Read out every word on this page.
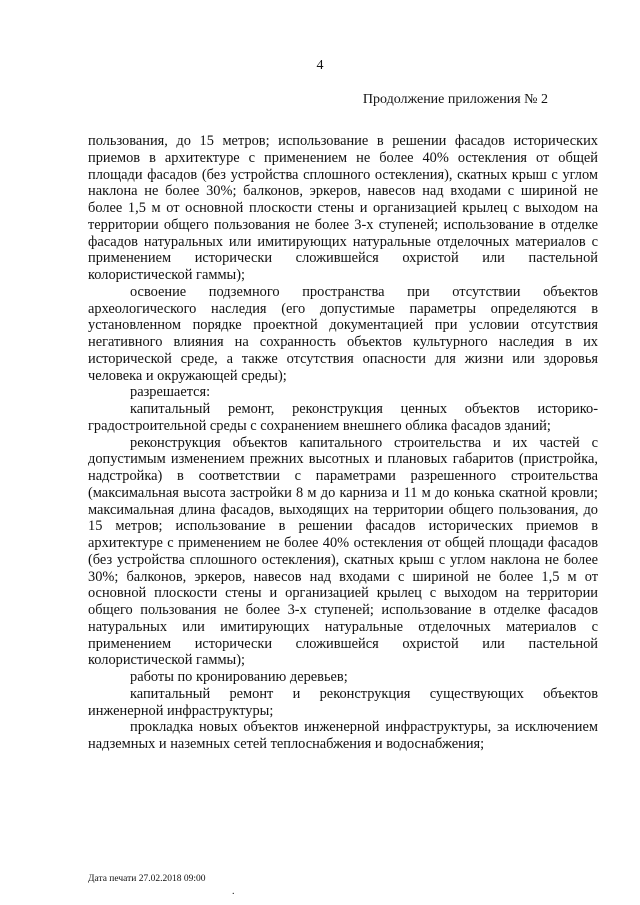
4
Продолжение приложения № 2

пользования, до 15 метров; использование в решении фасадов исторических приемов в архитектуре с применением не более 40% остекления от общей площади фасадов (без устройства сплошного остекления), скатных крыш с углом наклона не более 30%; балконов, эркеров, навесов над входами с шириной не более 1,5 м от основной плоскости стены и организацией крылец с выходом на территории общего пользования не более 3-х ступеней; использование в отделке фасадов натуральных или имитирующих натуральные отделочных материалов с применением исторически сложившейся охристой или пастельной колористической гаммы);

освоение подземного пространства при отсутствии объектов археологического наследия (его допустимые параметры определяются в установленном порядке проектной документацией при условии отсутствия негативного влияния на сохранность объектов культурного наследия в их исторической среде, а также отсутствия опасности для жизни или здоровья человека и окружающей среды);

разрешается:

капитальный ремонт, реконструкция ценных объектов историко-градостроительной среды с сохранением внешнего облика фасадов зданий;

реконструкция объектов капитального строительства и их частей с допустимым изменением прежних высотных и плановых габаритов (пристройка, надстройка) в соответствии с параметрами разрешенного строительства (максимальная высота застройки 8 м до карниза и 11 м до конька скатной кровли; максимальная длина фасадов, выходящих на территории общего пользования, до 15 метров; использование в решении фасадов исторических приемов в архитектуре с применением не более 40% остекления от общей площади фасадов (без устройства сплошного остекления), скатных крыш с углом наклона не более 30%; балконов, эркеров, навесов над входами с шириной не более 1,5 м от основной плоскости стены и организацией крылец с выходом на территории общего пользования не более 3-х ступеней; использование в отделке фасадов натуральных или имитирующих натуральные отделочных материалов с применением исторически сложившейся охристой или пастельной колористической гаммы);

работы по кронированию деревьев;

капитальный ремонт и реконструкция существующих объектов инженерной инфраструктуры;

прокладка новых объектов инженерной инфраструктуры, за исключением надземных и наземных сетей теплоснабжения и водоснабжения;

Дата печати 27.02.2018 09:00
.
